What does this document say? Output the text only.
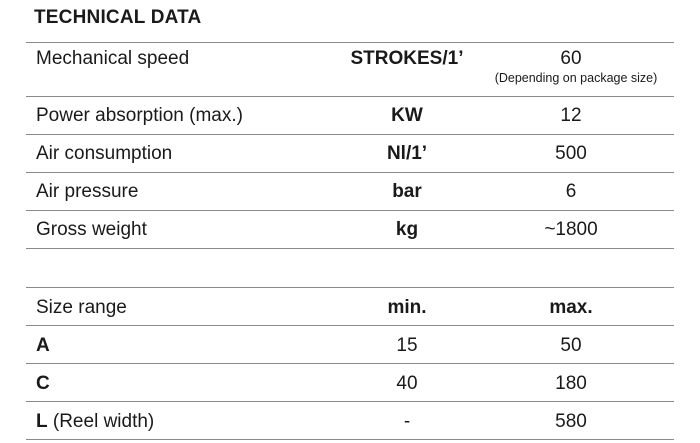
TECHNICAL DATA
Mechanical speed	STROKES/1’	60
(Depending on package size)
Power absorption (max.)	KW	12
Air consumption	Nl/1’	500
Air pressure	bar	6
Gross weight	kg	~1800
Size range	min.	max.
A	15	50
C	40	180
L (Reel width)	-	580
